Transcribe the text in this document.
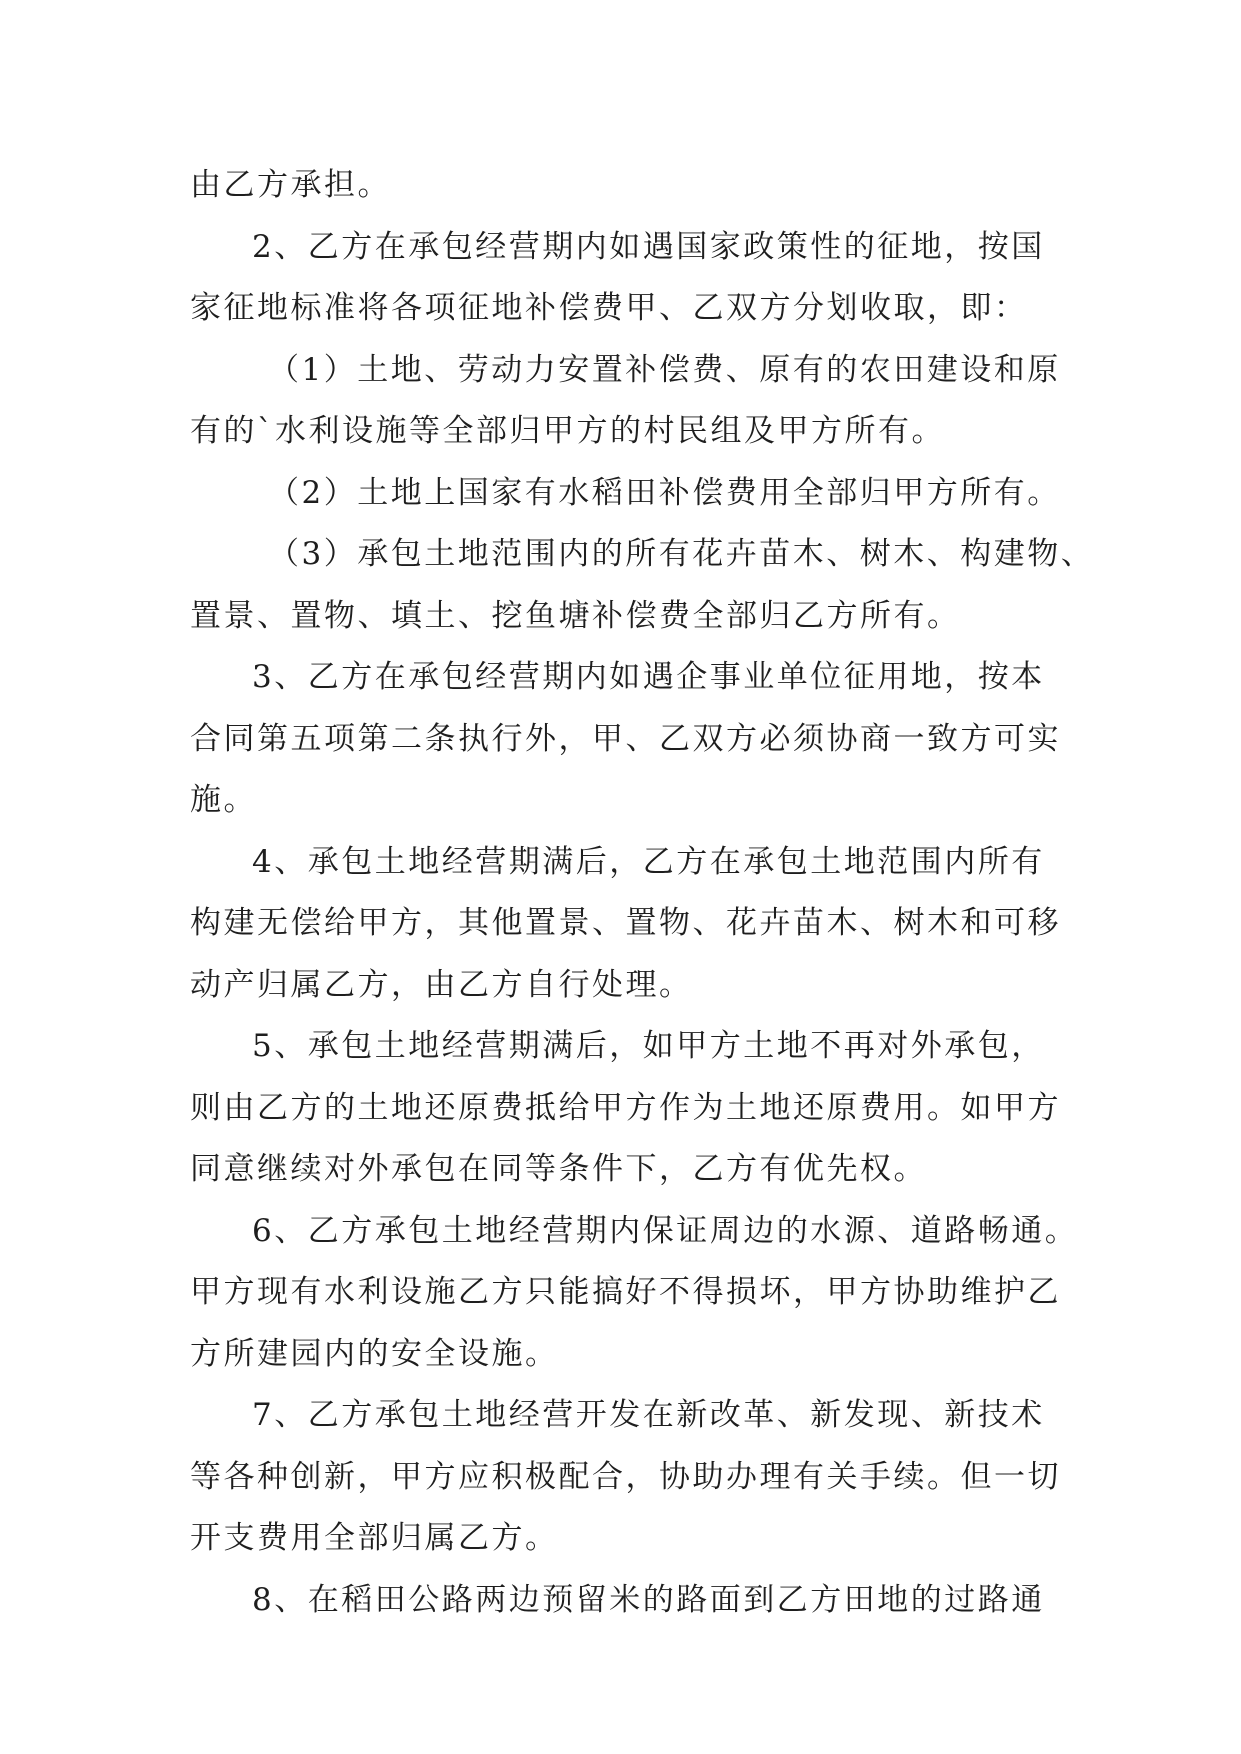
由乙方承担。
2、乙方在承包经营期内如遇国家政策性的征地，按国
家征地标准将各项征地补偿费甲、乙双方分划收取，即：
（1）土地、劳动力安置补偿费、原有的农田建设和原
有的`水利设施等全部归甲方的村民组及甲方所有。
（2）土地上国家有水稻田补偿费用全部归甲方所有。
（3）承包土地范围内的所有花卉苗木、树木、构建物、
置景、置物、填土、挖鱼塘补偿费全部归乙方所有。
3、乙方在承包经营期内如遇企事业单位征用地，按本
合同第五项第二条执行外，甲、乙双方必须协商一致方可实
施。
4、承包土地经营期满后，乙方在承包土地范围内所有
构建无偿给甲方，其他置景、置物、花卉苗木、树木和可移
动产归属乙方，由乙方自行处理。
5、承包土地经营期满后，如甲方土地不再对外承包，
则由乙方的土地还原费抵给甲方作为土地还原费用。如甲方
同意继续对外承包在同等条件下，乙方有优先权。
6、乙方承包土地经营期内保证周边的水源、道路畅通。
甲方现有水利设施乙方只能搞好不得损坏，甲方协助维护乙
方所建园内的安全设施。
7、乙方承包土地经营开发在新改革、新发现、新技术
等各种创新，甲方应积极配合，协助办理有关手续。但一切
开支费用全部归属乙方。
8、在稻田公路两边预留米的路面到乙方田地的过路通
